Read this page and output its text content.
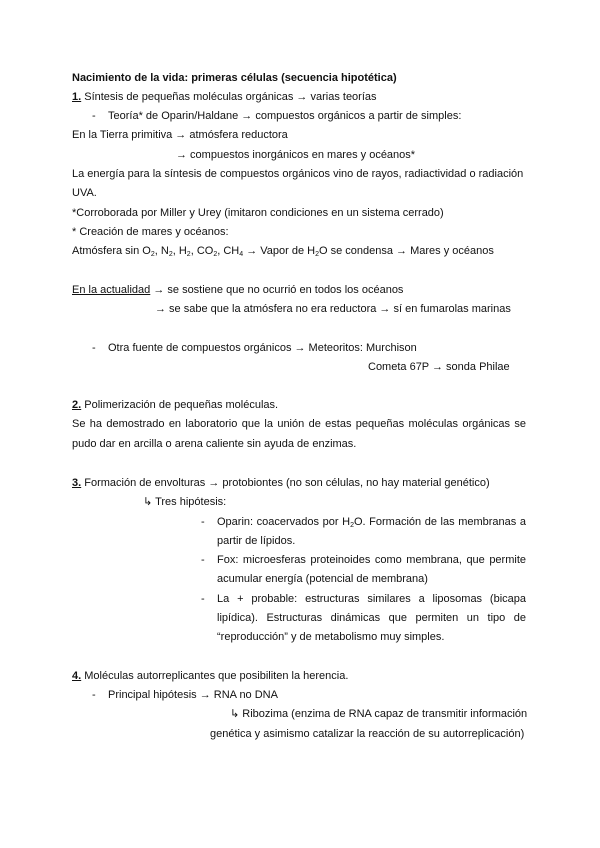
Nacimiento de la vida: primeras células (secuencia hipotética)
1. Síntesis de pequeñas moléculas orgánicas → varias teorías
- Teoría* de Oparin/Haldane → compuestos orgánicos a partir de simples:
En la Tierra primitiva → atmósfera reductora
→ compuestos inorgánicos en mares y océanos*
La energía para la síntesis de compuestos orgánicos vino de rayos, radiactividad o radiación
UVA.
*Corroborada por Miller y Urey (imitaron condiciones en un sistema cerrado)
* Creación de mares y océanos:
Atmósfera $\sin O_2$, $N_2$, $H_2$, $CO_2$, $CH_4$ → Vapor de $H_2O$ se condensa → Mares y océanos
En la actualidad → se sostiene que no ocurrió en todos los océanos
→ se sabe que la atmósfera no era reductora → sí en fumarolas marinas
- Otra fuente de compuestos orgánicos → Meteoritos: Murchison
Cometa 67P → sonda Philae
2. Polimerización de pequeñas moléculas.
Se ha demostrado en laboratorio que la unión de estas pequeñas moléculas orgánicas se
pudo dar en arcilla o arena caliente sin ayuda de enzimas.
3. Formación de envolturas → protobiontes (no son células, no hay material genético)
↳ Tres hipótesis:
- Oparin: coacervados por $H_2O$. Formación de las membranas a
partir de lípidos.
- Fox: microesferas proteinoides como membrana, que permite
acumular energía (potencial de membrana)
- La + probable: estructuras similares a liposomas (bicapa
lipídica). Estructuras dinámicas que permiten un tipo de
“reproducción” y de metabolismo muy simples.
4. Moléculas autorreplicantes que posibiliten la herencia.
- Principal hipótesis → RNA no DNA
↳ Ribozima (enzima de RNA capaz de transmitir información
genética y asimismo catalizar la reacción de su autorreplicación)
